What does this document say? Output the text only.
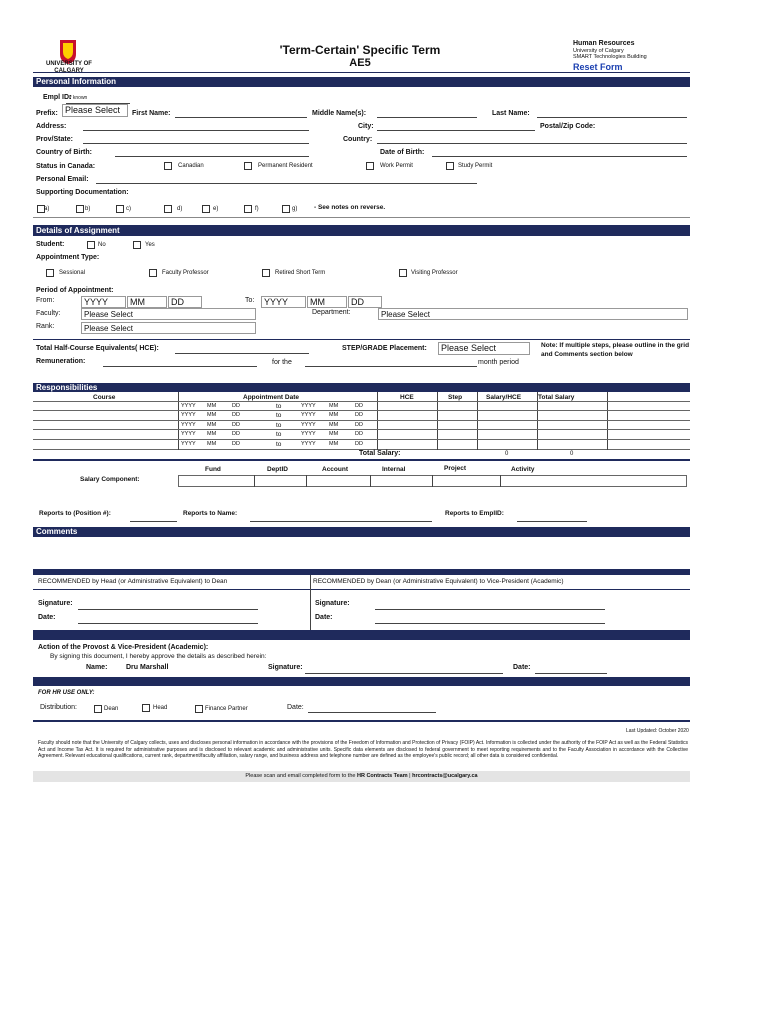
UNIVERSITY OF CALGARY
'Term-Certain' Specific Term
AE5
Human Resources
University of Calgary
SMART Technologies Building
Reset Form
Personal Information
Empl ID:
if known
Prefix: Please Select	First Name:	Middle Name(s):	Last Name:
Address:	City:	Postal/Zip Code:
Prov/State:	Country:
Country of Birth:	Date of Birth:
Status in Canada:	Canadian	Permanent Resident	Work Permit	Study Permit
Personal Email:
Supporting Documentation:
a)	b)	c)	d)	e)	f)	g)	- See notes on reverse.
Details of Assignment
Student:	No	Yes
Appointment Type:
Sessional	Faculty Professor	Retired Short Term	Visiting Professor
Period of Appointment:
From:	YYYY	MM	DD	To:	YYYY	MM	DD
Faculty:	Please Select	Department:	Please Select
Rank:	Please Select
Total Half-Course Equivalents( HCE):	STEP/GRADE Placement:	Please Select	Note: If multiple steps, please outline in the grid and Comments section below
Remuneration:	for the	month period
Responsibilities
Course	Appointment Date	HCE	Step	Salary/HCE	Total Salary
YYYY MM	DD	to	YYYY MM	DD
YYYY MM	DD	to	YYYY MM	DD
YYYY MM	DD	to	YYYY MM	DD
YYYY MM	DD	to	YYYY MM	DD
YYYY MM	DD	to	YYYY MM	DD
Total Salary:	0	0
Fund	DeptID	Account	Internal	Project	Activity
Salary Component:
Reports to (Position #):	Reports to Name:	Reports to EmplID:
Comments
RECOMMENDED by Head (or Administrative Equivalent) to Dean	RECOMMENDED by Dean (or Administrative Equivalent) to Vice-President (Academic)
Signature:
Date:
Signature:
Date:
Action of the Provost & Vice-President (Academic):
By signing this document, I hereby approve the details as described herein:
Name:	Dru Marshall	Signature:	Date:
FOR HR USE ONLY:
Distribution:	Dean	Head	Finance Partner	Date:
Last Updated: October 2020
Faculty should note that the University of Calgary collects, uses and discloses personal information in accordance with the provisions of the Freedom of Information and Protection of Privacy (FOIP) Act. Information is collected under the authority of the FOIP Act as well as the Federal Statistics Act and Income Tax Act. It is required for administrative purposes and is disclosed to relevant academic and administrative units. Specific data elements are disclosed to federal government to meet reporting requirements and to the Faculty Association in accordance with the Collective Agreement. Relevant educational qualifications, current rank, department/faculty affiliation, salary range, and business address and telephone number are defined as the employee's public record; all other data is considered confidential.
Please scan and email completed form to the HR Contracts Team | hrcontracts@ucalgary.ca
